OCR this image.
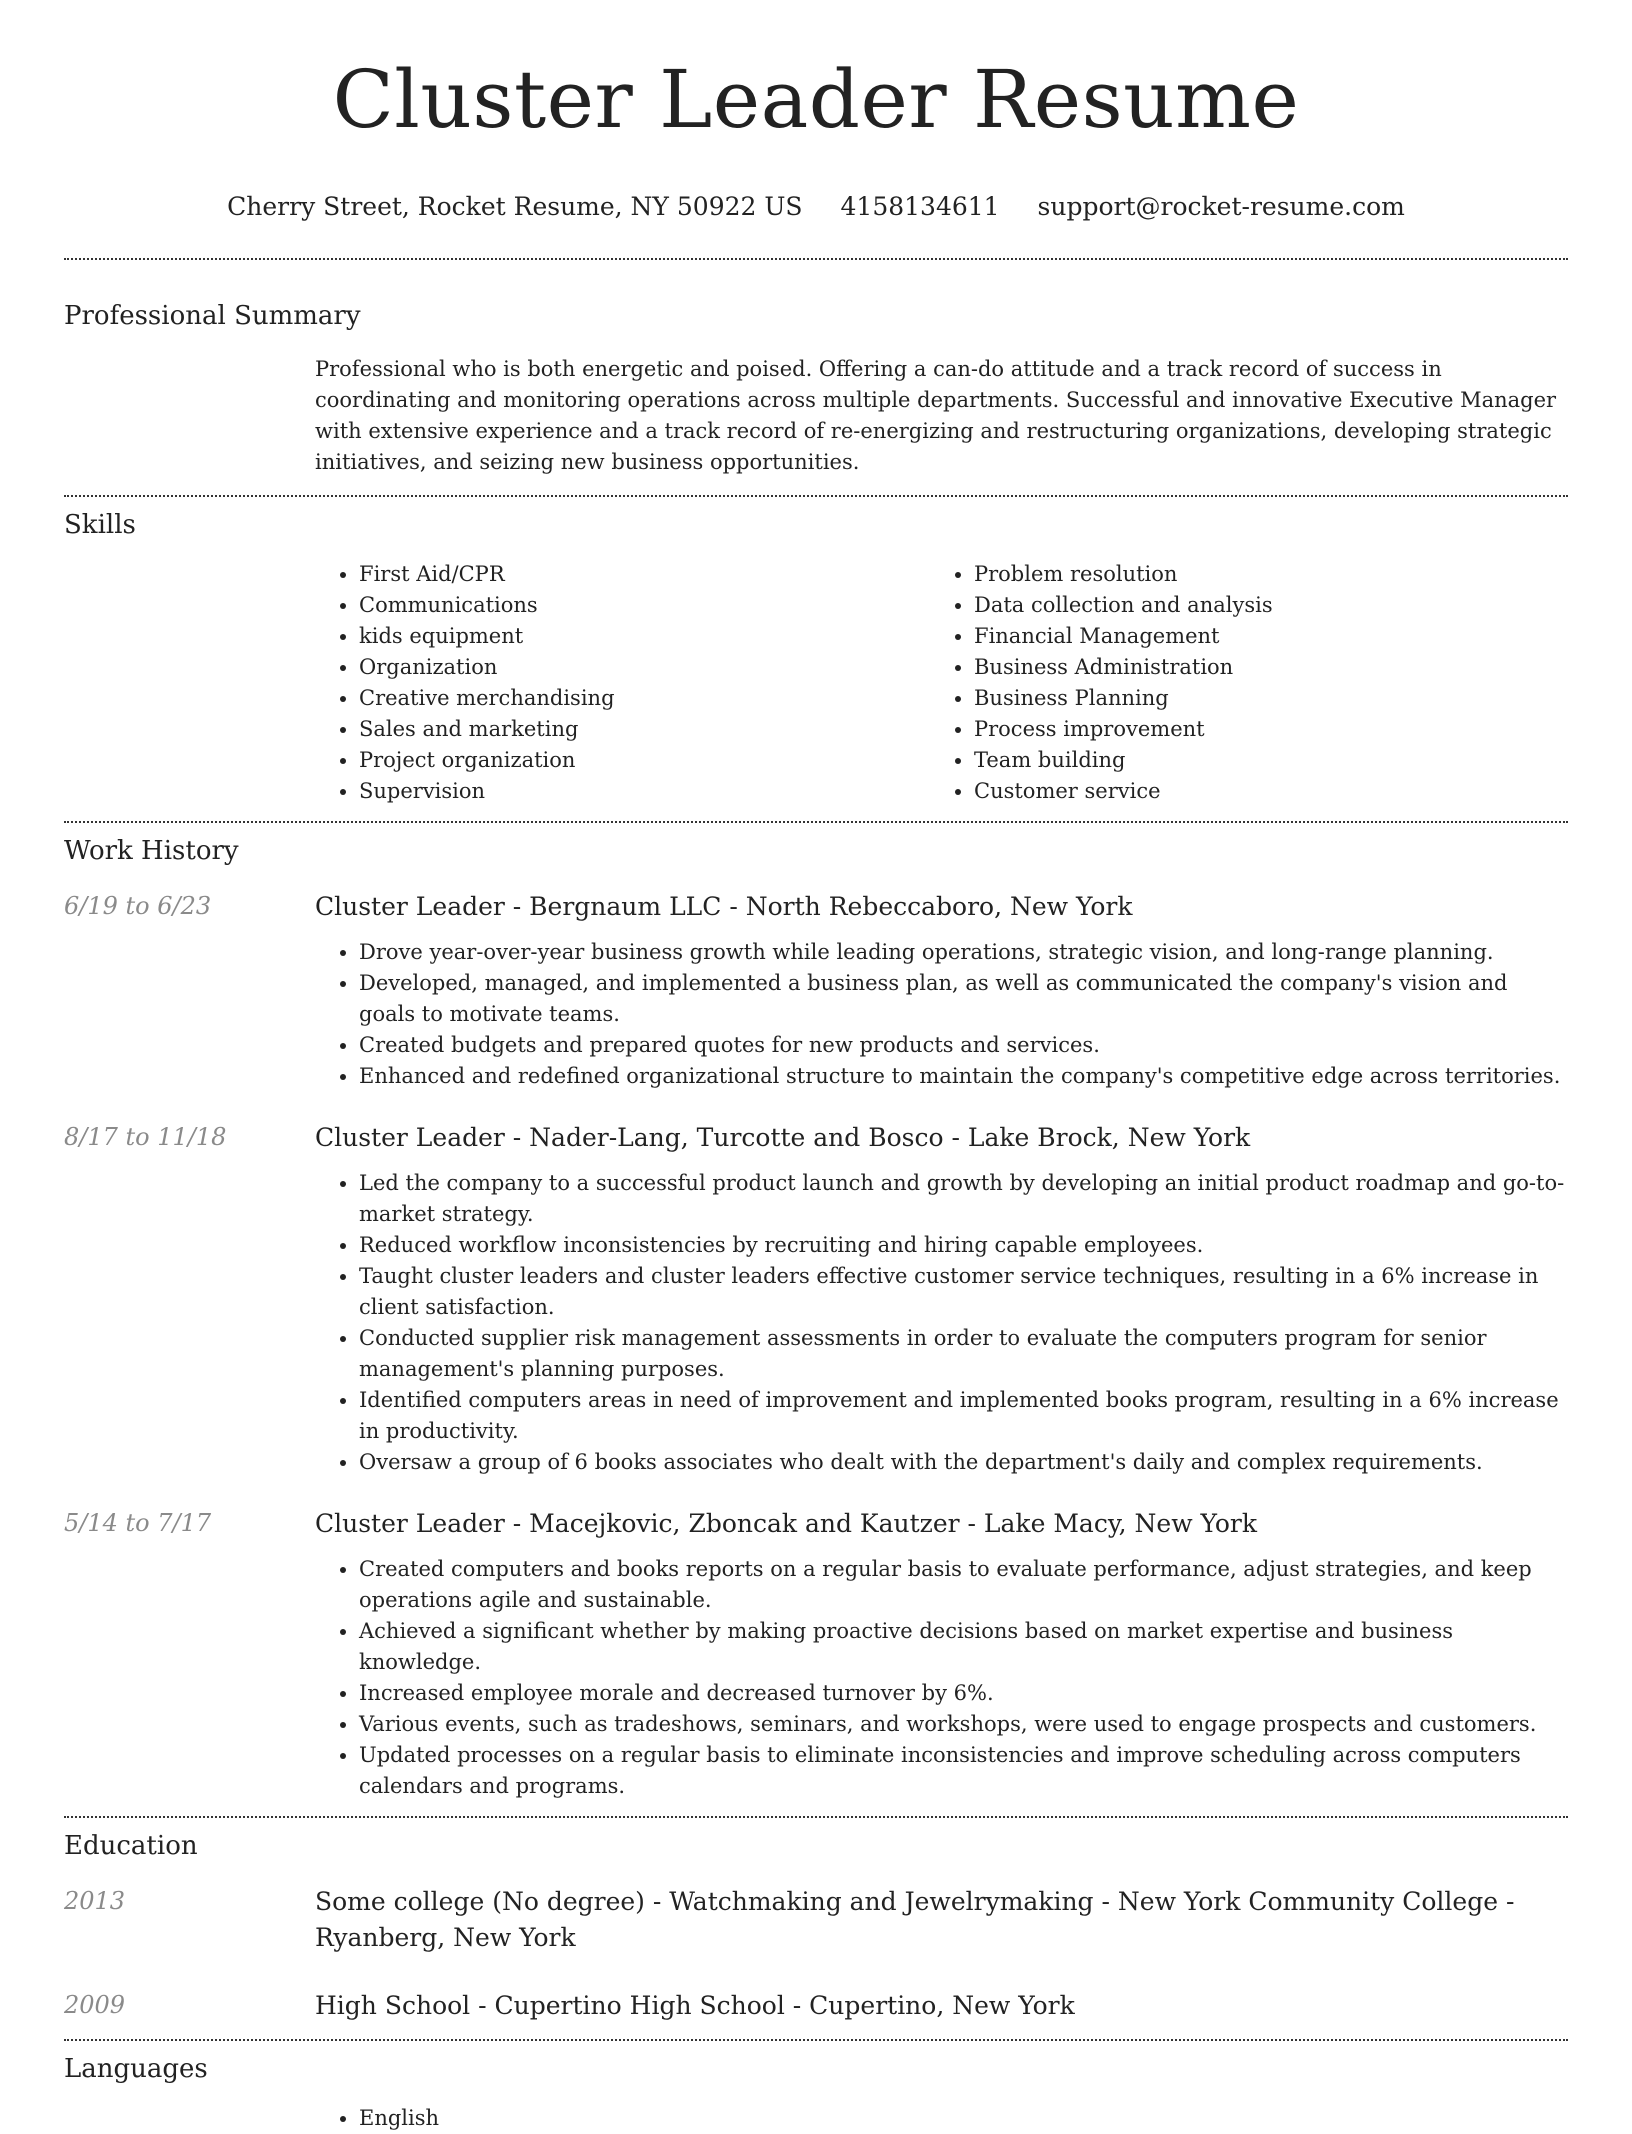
Cluster Leader Resume
Cherry Street, Rocket Resume, NY 50922 US 4158134611 support@rocket-resume.com
Professional Summary

Professional who is both energetic and poised. Offering a can-do attitude and a track record of success in coordinating and monitoring operations across multiple departments. Successful and innovative Executive Manager with extensive experience and a track record of re-energizing and restructuring organizations, developing strategic initiatives, and seizing new business opportunities.

Skills
• First Aid/CPR
• Communications
• kids equipment
• Organization
• Creative merchandising
• Sales and marketing
• Project organization
• Supervision
• Problem resolution
• Data collection and analysis
• Financial Management
• Business Administration
• Business Planning
• Process improvement
• Team building
• Customer service
Work History
6/19 to 6/23	Cluster Leader - Bergnaum LLC - North Rebeccaboro, New York

• Drove year-over-year business growth while leading operations, strategic vision, and long-range planning.
• Developed, managed, and implemented a business plan, as well as communicated the company's vision and goals to motivate teams.
• Created budgets and prepared quotes for new products and services.
• Enhanced and redefined organizational structure to maintain the company's competitive edge across territories.
8/17 to 11/18	Cluster Leader - Nader-Lang, Turcotte and Bosco - Lake Brock, New York

• Led the company to a successful product launch and growth by developing an initial product roadmap and go-to-market strategy.
• Reduced workflow inconsistencies by recruiting and hiring capable employees.
• Taught cluster leaders and cluster leaders effective customer service techniques, resulting in a 6% increase in client satisfaction.
• Conducted supplier risk management assessments in order to evaluate the computers program for senior management's planning purposes.
• Identified computers areas in need of improvement and implemented books program, resulting in a 6% increase in productivity.
• Oversaw a group of 6 books associates who dealt with the department's daily and complex requirements.
5/14 to 7/17	Cluster Leader - Macejkovic, Zboncak and Kautzer - Lake Macy, New York

• Created computers and books reports on a regular basis to evaluate performance, adjust strategies, and keep operations agile and sustainable.
• Achieved a significant whether by making proactive decisions based on market expertise and business knowledge.
• Increased employee morale and decreased turnover by 6%.
• Various events, such as tradeshows, seminars, and workshops, were used to engage prospects and customers.
• Updated processes on a regular basis to eliminate inconsistencies and improve scheduling across computers calendars and programs.
Education
2013	Some college (No degree) - Watchmaking and Jewelrymaking - New York Community College - Ryanberg, New York

2009	High School - Cupertino High School - Cupertino, New York

Languages
• English
